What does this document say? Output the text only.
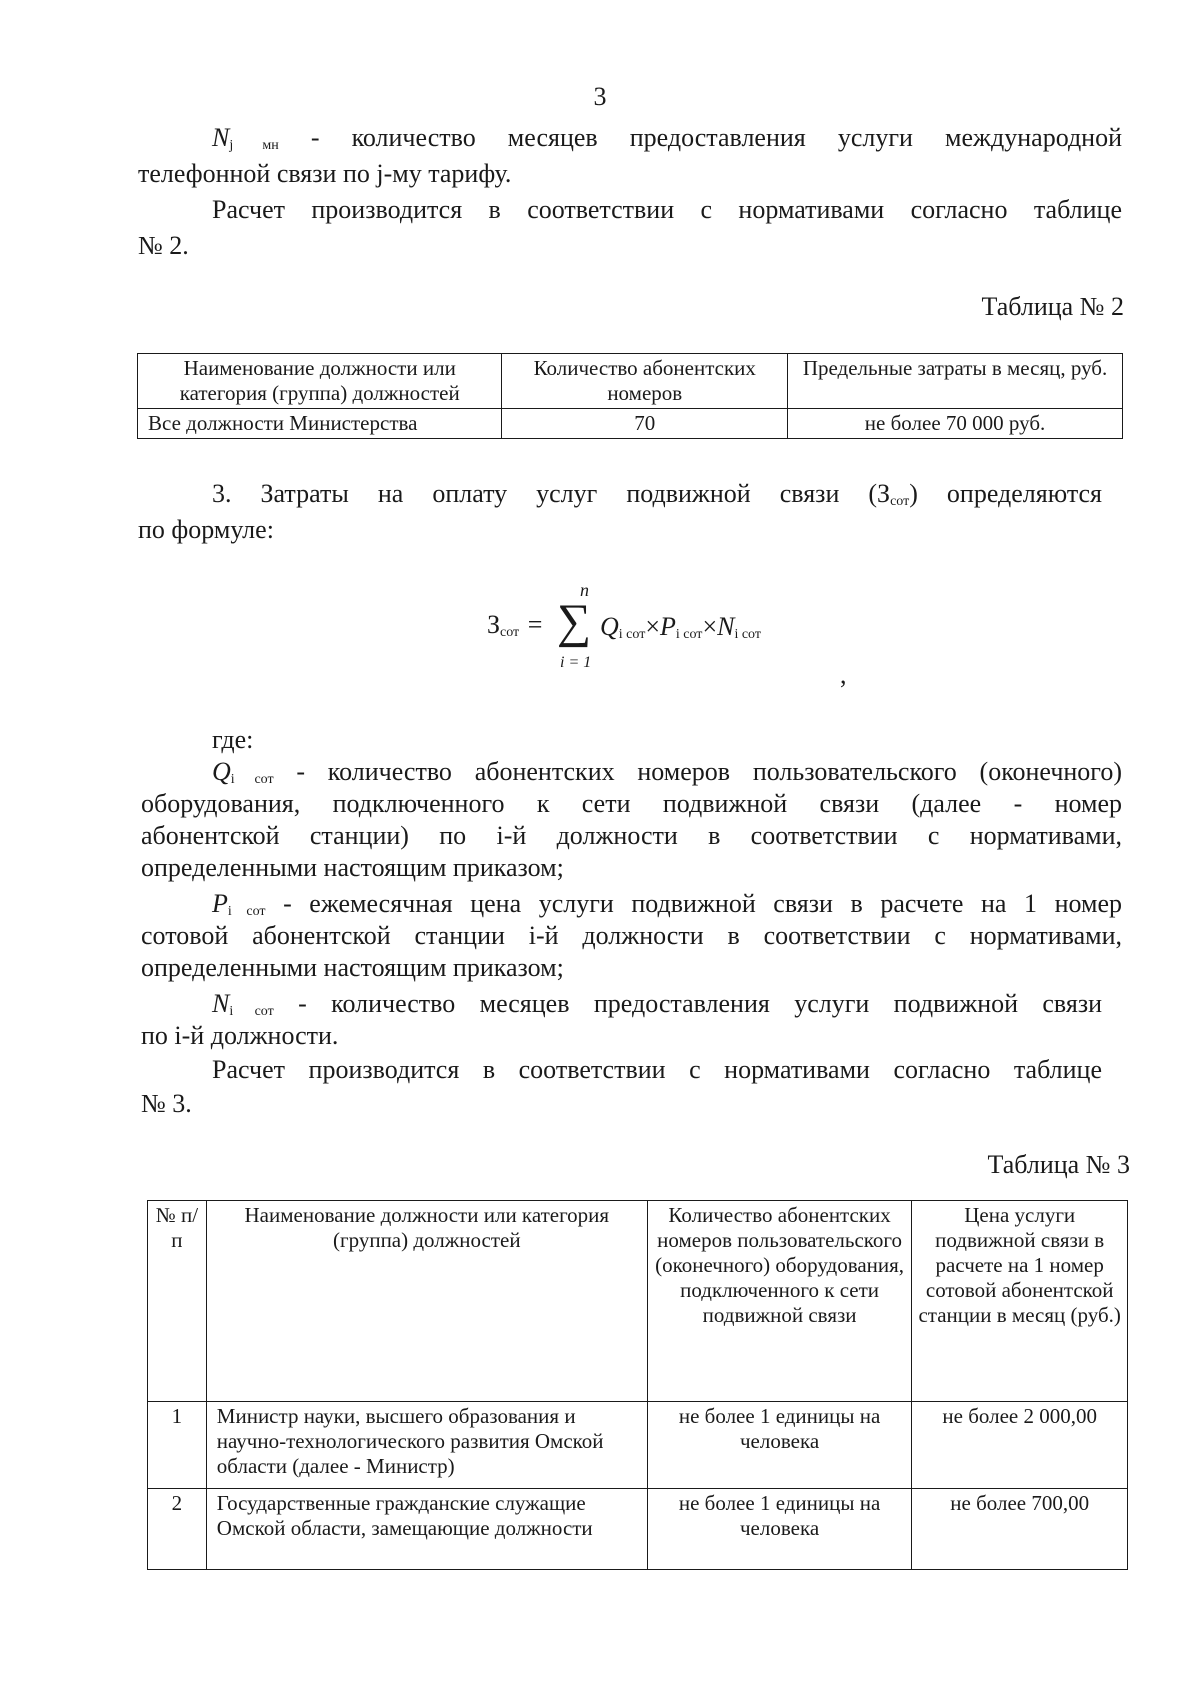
3
$N_{j мн}$ - количество месяцев предоставления услуги международной
телефонной связи по j-му тарифу.
Расчет производится в соответствии с нормативами согласно таблице
№ 2.
Таблица № 2
Наименование должности или категория (группа) должностей	Количество абонентских номеров	Предельные затраты в месяц, руб.
Все должности Министерства	70	не более 70 000 руб.
3. Затраты на оплату услуг подвижной связи $(З_{сот})$ определяются
по формуле:
$З_{сот}$ =
n
∑
i = 1
$Q_{i сот}\times P_{i сот}\times N_{i сот}$
,
где:
$Q_{i сот}$ - количество абонентских номеров пользовательского (оконечного)
оборудования, подключенного к сети подвижной связи (далее - номер
абонентской станции) по i-й должности в соответствии с нормативами,
определенными настоящим приказом;
$P_{i сот}$ - ежемесячная цена услуги подвижной связи в расчете на 1 номер
сотовой абонентской станции i-й должности в соответствии с нормативами,
определенными настоящим приказом;
$N_{i сот}$ - количество месяцев предоставления услуги подвижной связи
по i-й должности.
Расчет производится в соответствии с нормативами согласно таблице
№ 3.
Таблица № 3
№ п/п	Наименование должности или категория (группа) должностей	Количество абонентских номеров пользовательского (оконечного) оборудования, подключенного к сети подвижной связи	Цена услуги подвижной связи в расчете на 1 номер сотовой абонентской станции в месяц (руб.)
1	Министр науки, высшего образования и научно-технологического развития Омской области (далее - Министр)	не более 1 единицы на человека	не более 2 000,00
2	Государственные гражданские служащие Омской области, замещающие должности	не более 1 единицы на человека	не более 700,00
